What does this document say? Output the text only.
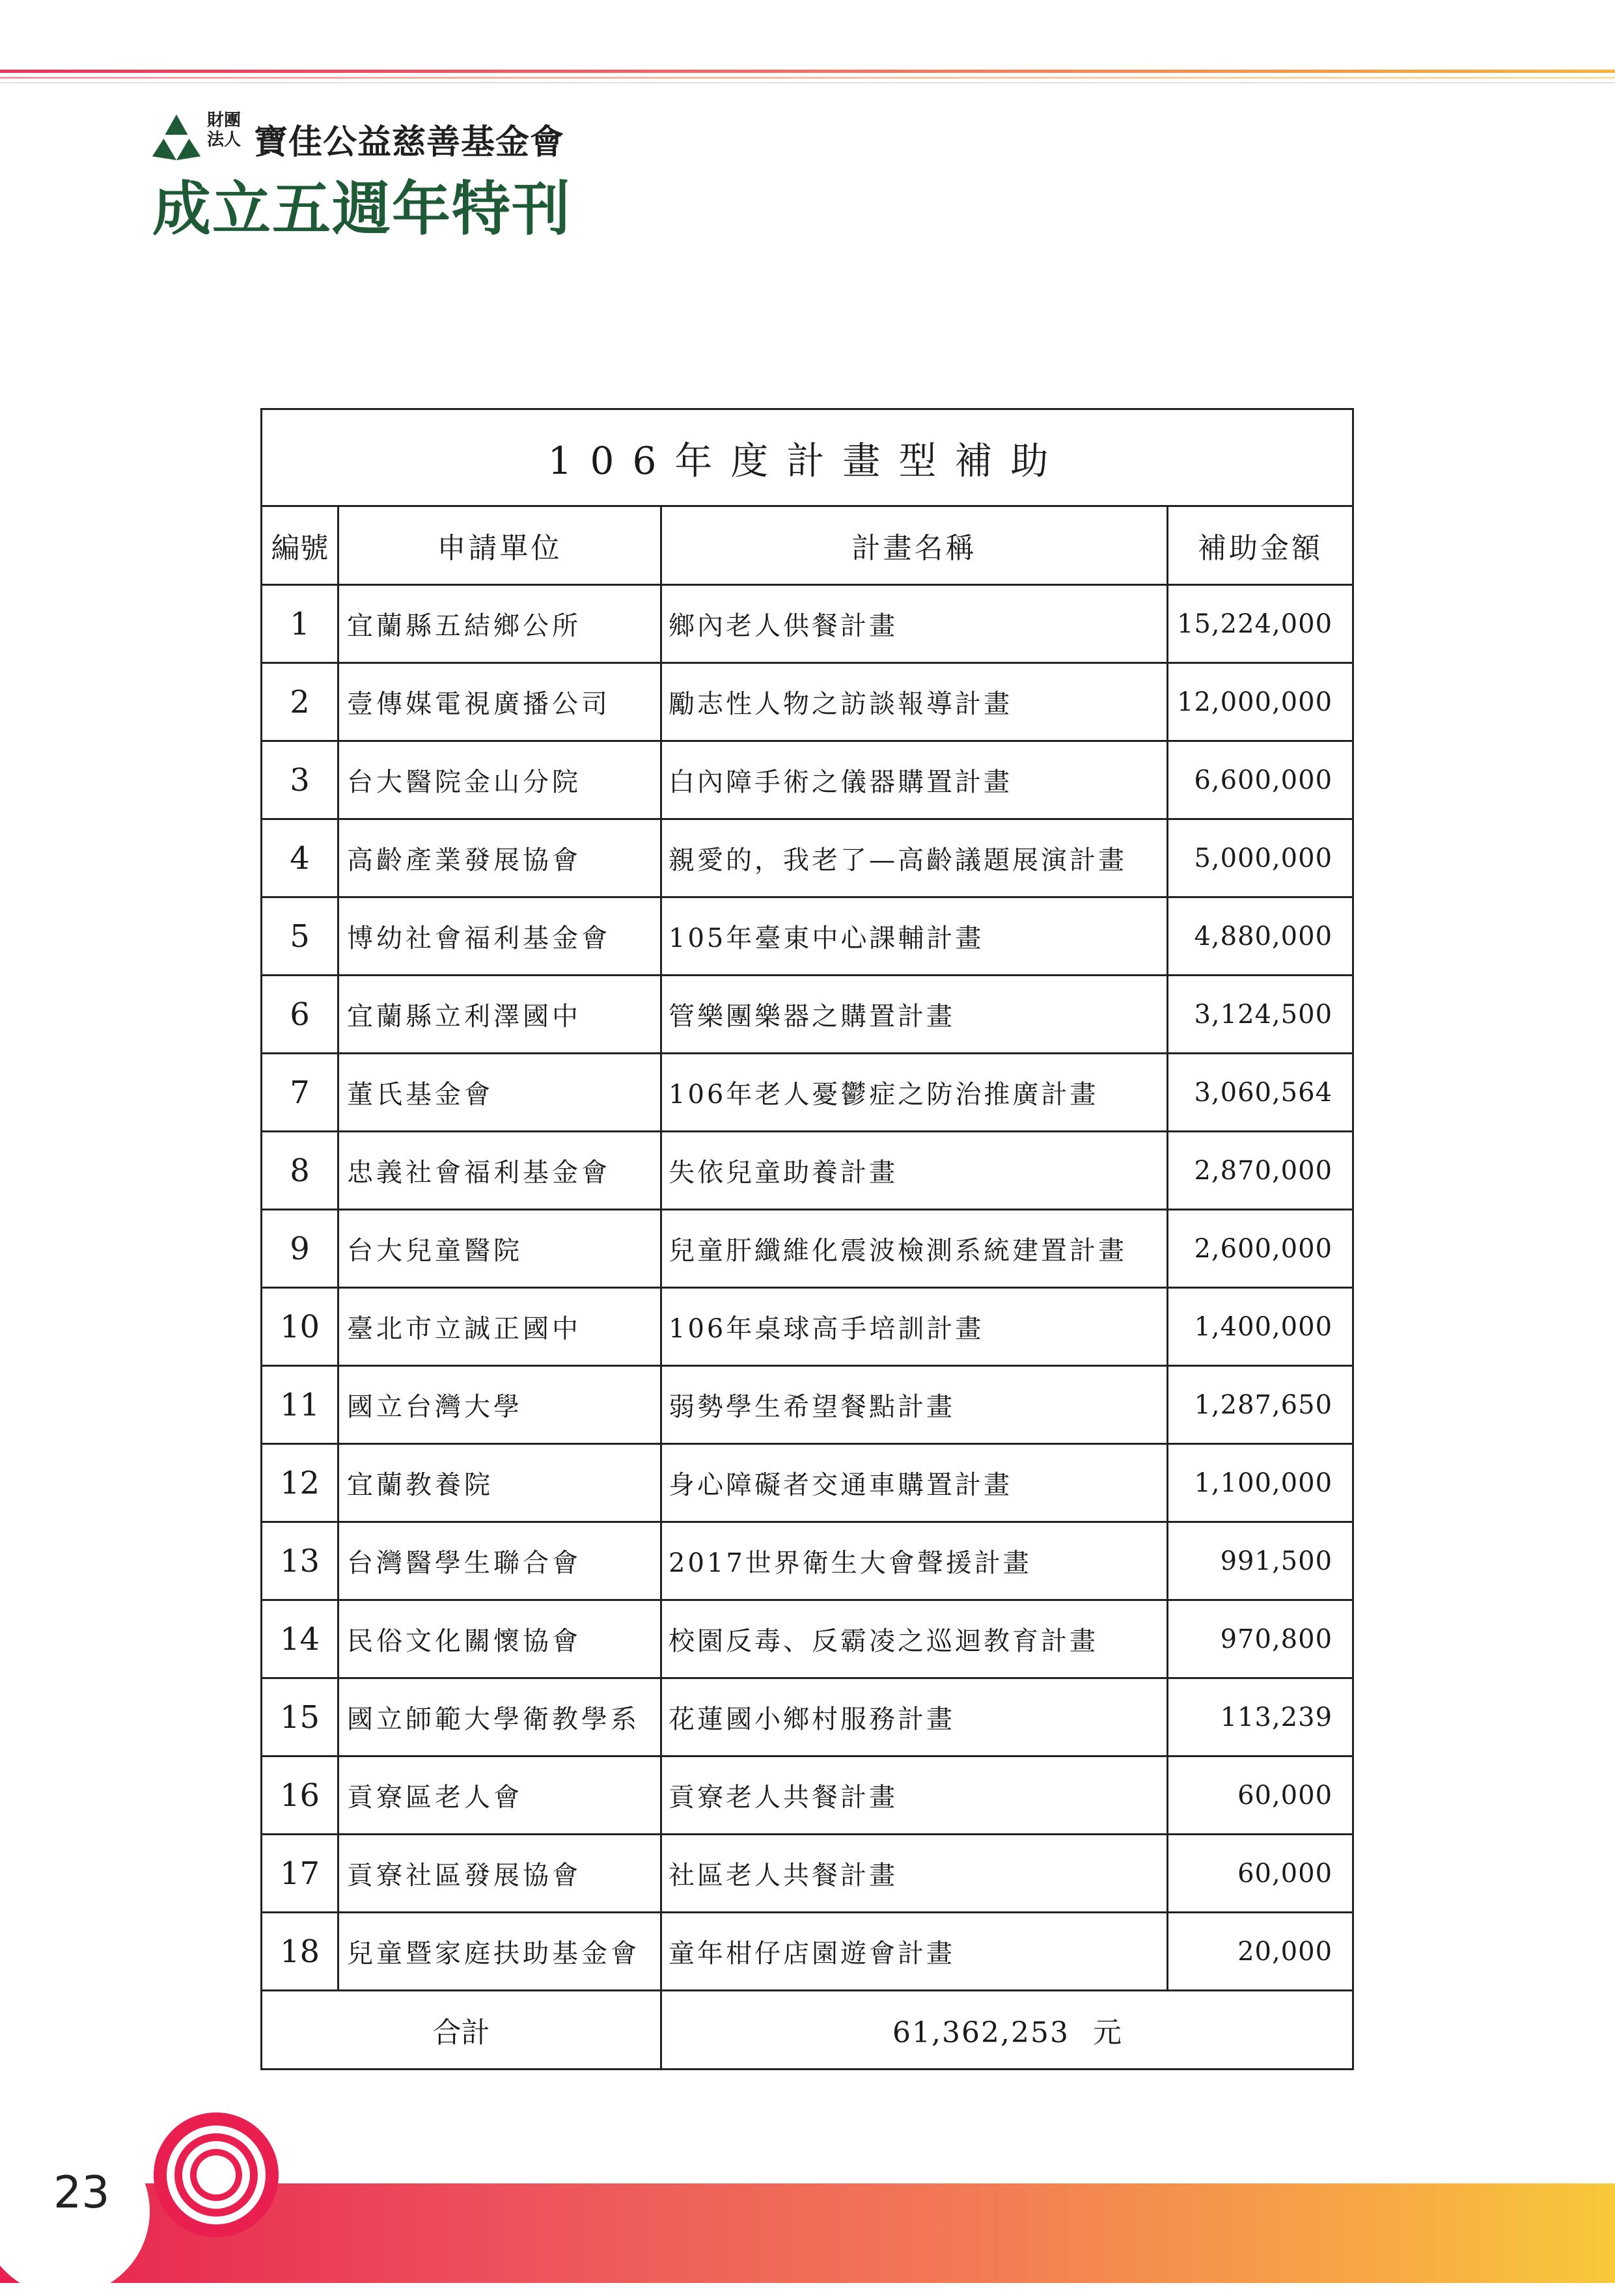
財團
法人 寶佳公益慈善基金會
成立五週年特刊
106年度計畫型補助			
編號	申請單位	計畫名稱	補助金額
1	宜蘭縣五結鄉公所	鄉內老人供餐計畫	15,224,000
2	壹傳媒電視廣播公司	勵志性人物之訪談報導計畫	12,000,000
3	台大醫院金山分院	白內障手術之儀器購置計畫	6,600,000
4	高齡產業發展協會	親愛的，我老了—高齡議題展演計畫	5,000,000
5	博幼社會福利基金會	105年臺東中心課輔計畫	4,880,000
6	宜蘭縣立利澤國中	管樂團樂器之購置計畫	3,124,500
7	董氏基金會	106年老人憂鬱症之防治推廣計畫	3,060,564
8	忠義社會福利基金會	失依兒童助養計畫	2,870,000
9	台大兒童醫院	兒童肝纖維化震波檢測系統建置計畫	2,600,000
10	臺北市立誠正國中	106年桌球高手培訓計畫	1,400,000
11	國立台灣大學	弱勢學生希望餐點計畫	1,287,650
12	宜蘭教養院	身心障礙者交通車購置計畫	1,100,000
13	台灣醫學生聯合會	2017世界衛生大會聲援計畫	991,500
14	民俗文化關懷協會	校園反毒、反霸凌之巡迴教育計畫	970,800
15	國立師範大學衛教學系	花蓮國小鄉村服務計畫	113,239
16	貢寮區老人會	貢寮老人共餐計畫	60,000
17	貢寮社區發展協會	社區老人共餐計畫	60,000
18	兒童暨家庭扶助基金會	童年柑仔店園遊會計畫	20,000
合計		61,362,253 元	
23
